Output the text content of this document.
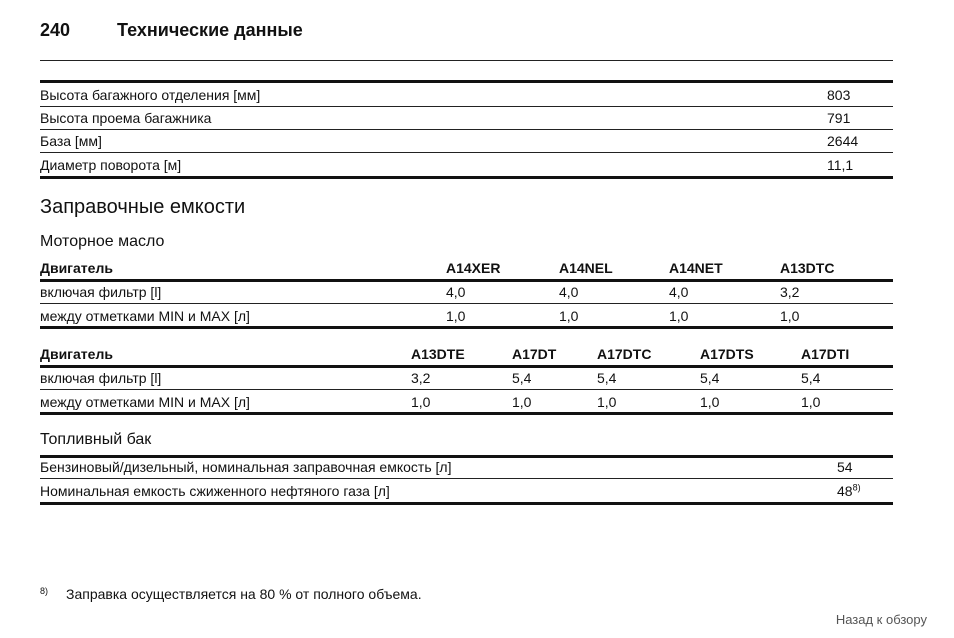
240	Технические данные
Высота багажного отделения [мм]	803
Высота проема багажника	791
База [мм]	2644
Диаметр поворота [м]	11,1
Заправочные емкости
Моторное масло
Двигатель	A14XER	A14NEL	A14NET	A13DTC
включая фильтр [l]	4,0	4,0	4,0	3,2
между отметками MIN и MAX [л]	1,0	1,0	1,0	1,0
Двигатель	A13DTE	A17DT	A17DTC	A17DTS	A17DTI
включая фильтр [l]	3,2	5,4	5,4	5,4	5,4
между отметками MIN и MAX [л]	1,0	1,0	1,0	1,0	1,0
Топливный бак
Бензиновый/дизельный, номинальная заправочная емкость [л]	54
Номинальная емкость сжиженного нефтяного газа [л]	48$^{8)}$
8) Заправка осуществляется на 80 % от полного объема.
Назад к обзору
